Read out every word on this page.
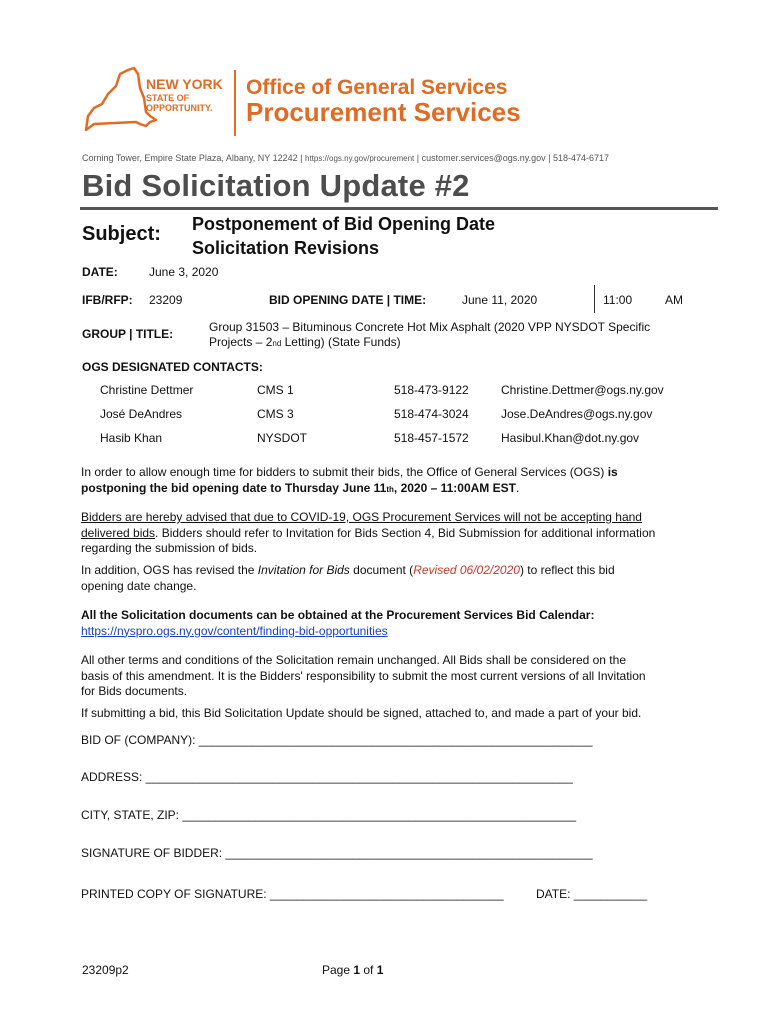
NEW YORK
STATE OF
OPPORTUNITY.
Office of General Services
Procurement Services
Corning Tower, Empire State Plaza, Albany, NY 12242 | https://ogs.ny.gov/procurement | customer.services@ogs.ny.gov | 518-474-6717
Bid Solicitation Update #2
Subject: Postponement of Bid Opening Date
Solicitation Revisions
DATE:	June 3, 2020
IFB/RFP: 23209	BID OPENING DATE | TIME:	June 11, 2020	11:00	AM
GROUP | TITLE:	Group 31503 – Bituminous Concrete Hot Mix Asphalt (2020 VPP NYSDOT Specific
Projects – 2nd Letting) (State Funds)
OGS DESIGNATED CONTACTS:
Christine Dettmer	CMS 1	518-473-9122	Christine.Dettmer@ogs.ny.gov
José DeAndres	CMS 3	518-474-3024	Jose.DeAndres@ogs.ny.gov
Hasib Khan	NYSDOT	518-457-1572	Hasibul.Khan@dot.ny.gov
In order to allow enough time for bidders to submit their bids, the Office of General Services (OGS) is
postponing the bid opening date to Thursday June 11th, 2020 – 11:00AM EST.
Bidders are hereby advised that due to COVID-19, OGS Procurement Services will not be accepting hand
delivered bids. Bidders should refer to Invitation for Bids Section 4, Bid Submission for additional information
regarding the submission of bids.
In addition, OGS has revised the Invitation for Bids document (Revised 06/02/2020) to reflect this bid
opening date change.
All the Solicitation documents can be obtained at the Procurement Services Bid Calendar:
https://nyspro.ogs.ny.gov/content/finding-bid-opportunities
All other terms and conditions of the Solicitation remain unchanged. All Bids shall be considered on the
basis of this amendment. It is the Bidders' responsibility to submit the most current versions of all Invitation
for Bids documents.
If submitting a bid, this Bid Solicitation Update should be signed, attached to, and made a part of your bid.
BID OF (COMPANY): ___________________________________________________________
ADDRESS: ________________________________________________________________
CITY, STATE, ZIP: ___________________________________________________________
SIGNATURE OF BIDDER: _______________________________________________________
PRINTED COPY OF SIGNATURE: ___________________________________	DATE: ___________
23209p2	Page 1 of 1
